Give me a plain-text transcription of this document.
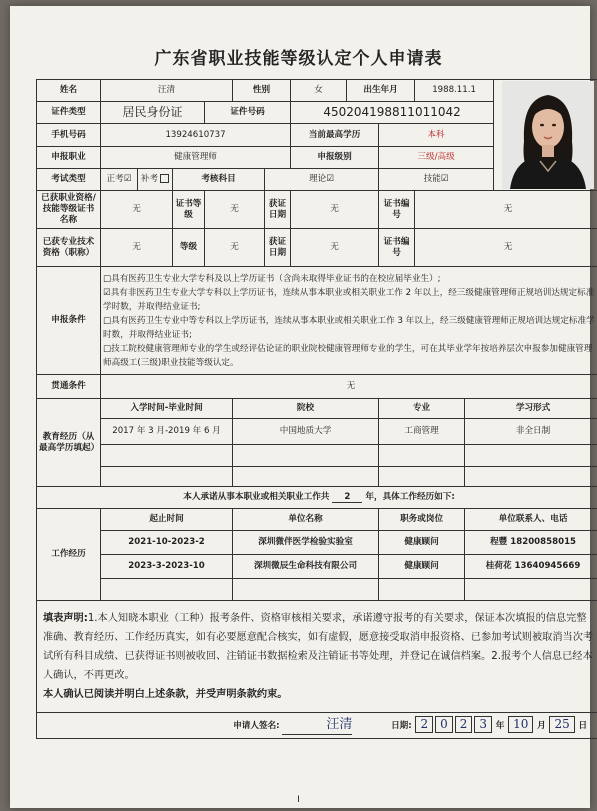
广东省职业技能等级认定个人申请表
姓名	汪清				性别		女	出生年月		1988.11.1	

证件类型	居民身份证			证件号码			450204198811011042					
手机号码	13924610737						当前最高学历		本科			
申报职业	健康管理师						申报级别		三级/高级			
考试类型	正考☑	补考	考核科目			理论☑			技能☑			
已获职业资格/技能等级证书名称	无		证书等级	无		获证日期	无		证书编号	无		
已获专业技术资格（职称）	无		等级	无		获证日期	无		证书编号	无		
申报条件	□具有医药卫生专业大学专科及以上学历证书（含尚未取得毕业证书的在校应届毕业生）;
☑具有非医药卫生专业大学专科以上学历证书，连续从事本职业或相关职业工作 2 年以上，经三级健康管理师正规培训达规定标准学时数，并取得结业证书;
□具有医药卫生专业中等专科以上学历证书，连续从事本职业或相关职业工作 3 年以上，经三级健康管理师正规培训达规定标准学时数，并取得结业证书;
□技工院校健康管理师专业的学生或经评估论证的职业院校健康管理师专业的学生，可在其毕业学年按培养层次申报参加健康管理师高级工(三级)职业技能等级认定。											

贯通条件	无											
教育经历（从最高学历填起）	入学时间-毕业时间				院校				专业		学习形式	
	2017 年 3 月-2019 年 6 月				中国地质大学				工商管理		非全日制	

本人承诺从事本职业或相关职业工作共 2 年，具体工作经历如下:												
工作经历	起止时间				单位名称				职务或岗位		单位联系人、电话	
	2021-10-2023-2				深圳微伴医学检验实验室				健康顾问		程豐 18200858015	
	2023-3-2023-10				深圳微辰生命科技有限公司				健康顾问		桂荷花 13640945669	

填表声明:1.本人知晓本职业（工种）报考条件、资格审核相关要求，承诺遵守报考的有关要求，保证本次填报的信息完整准确、教育经历、工作经历真实，如有必要愿意配合核实，如有虚假，愿意接受取消申报资格、已参加考试则被取消当次考试所有科目成绩、已获得证书则被收回、注销证书数据检索及注销证书等处理，并登记在诚信档案。2.报考个人信息已经本人确认，不再更改。
本人确认已阅读并明白上述条款，并受声明条款约束。												
申请人签名: 汪清 日期: 2 0 2 3 年 10 月 25 日												
I
